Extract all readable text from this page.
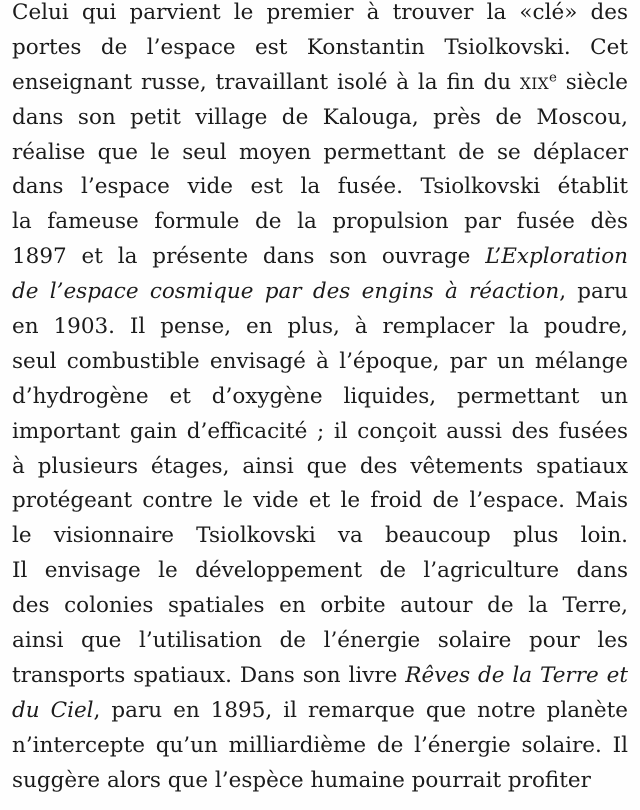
Celui qui parvient le premier à trouver la «clé» des
portes de l’espace est Konstantin Tsiolkovski. Cet
enseignant russe, travaillant isolé à la fin du XIXe siècle
dans son petit village de Kalouga, près de Moscou,
réalise que le seul moyen permettant de se déplacer
dans l’espace vide est la fusée. Tsiolkovski établit
la fameuse formule de la propulsion par fusée dès
1897 et la présente dans son ouvrage L’Exploration
de l’espace cosmique par des engins à réaction, paru
en 1903. Il pense, en plus, à remplacer la poudre,
seul combustible envisagé à l’époque, par un mélange
d’hydrogène et d’oxygène liquides, permettant un
important gain d’efficacité ; il conçoit aussi des fusées
à plusieurs étages, ainsi que des vêtements spatiaux
protégeant contre le vide et le froid de l’espace. Mais
le visionnaire Tsiolkovski va beaucoup plus loin.
Il envisage le développement de l’agriculture dans
des colonies spatiales en orbite autour de la Terre,
ainsi que l’utilisation de l’énergie solaire pour les
transports spatiaux. Dans son livre Rêves de la Terre et
du Ciel, paru en 1895, il remarque que notre planète
n’intercepte qu’un milliardième de l’énergie solaire. Il
suggère alors que l’espèce humaine pourrait profiter
